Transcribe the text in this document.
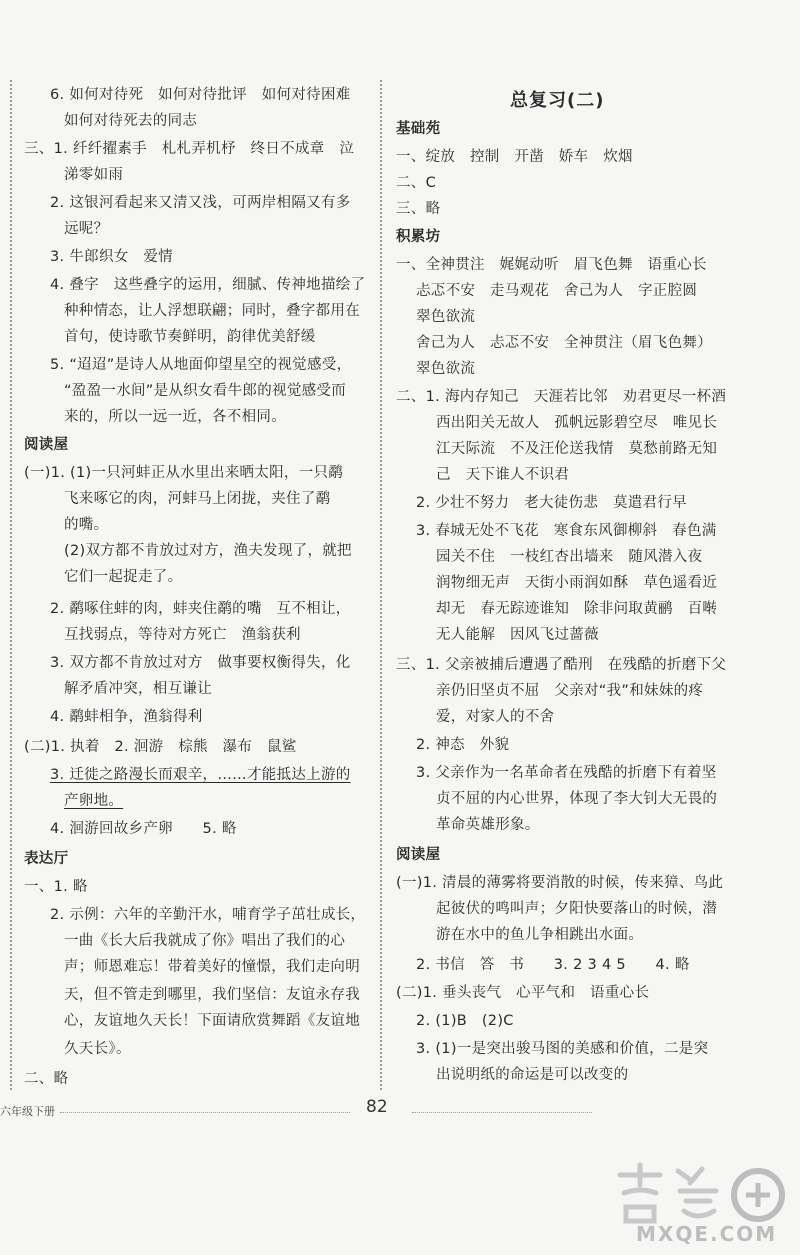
6. 如何对待死　如何对待批评　如何对待困难
如何对待死去的同志
三、1. 纤纤擢素手　札札弄机杼　终日不成章　泣
涕零如雨
2. 这银河看起来又清又浅，可两岸相隔又有多
远呢？
3. 牛郎织女　爱情
4. 叠字　这些叠字的运用，细腻、传神地描绘了
种种情态，让人浮想联翩；同时，叠字都用在
首句，使诗歌节奏鲜明，韵律优美舒缓
5. “迢迢”是诗人从地面仰望星空的视觉感受，
“盈盈一水间”是从织女看牛郎的视觉感受而
来的，所以一远一近，各不相同。
阅读屋
(一)1. (1)一只河蚌正从水里出来晒太阳，一只鹬
飞来啄它的肉，河蚌马上闭拢，夹住了鹬
的嘴。
(2)双方都不肯放过对方，渔夫发现了，就把
它们一起捉走了。
2. 鹬啄住蚌的肉，蚌夹住鹬的嘴　互不相让，
互找弱点，等待对方死亡　渔翁获利
3. 双方都不肯放过对方　做事要权衡得失，化
解矛盾冲突，相互谦让
4. 鹬蚌相争，渔翁得利
(二)1. 执着　2. 洄游　棕熊　瀑布　鼠鲨
3. 迁徙之路漫长而艰辛，……才能抵达上游的
产卵地。
4. 洄游回故乡产卵　　5. 略
表达厅
一、1. 略
2. 示例：六年的辛勤汗水，哺育学子茁壮成长，
一曲《长大后我就成了你》唱出了我们的心
声；师恩难忘！带着美好的憧憬，我们走向明
天，但不管走到哪里，我们坚信：友谊永存我
心，友谊地久天长！下面请欣赏舞蹈《友谊地
久天长》。
二、略
总复习(二)
基础苑
一、绽放　控制　开凿　娇车　炊烟
二、C
三、略
积累坊
一、全神贯注　娓娓动听　眉飞色舞　语重心长
忐忑不安　走马观花　舍己为人　字正腔圆
翠色欲流
舍己为人　忐忑不安　全神贯注（眉飞色舞）
翠色欲流
二、1. 海内存知己　天涯若比邻　劝君更尽一杯酒
西出阳关无故人　孤帆远影碧空尽　唯见长
江天际流　不及汪伦送我情　莫愁前路无知
己　天下谁人不识君
2. 少壮不努力　老大徒伤悲　莫遣君行早
3. 春城无处不飞花　寒食东风御柳斜　春色满
园关不住　一枝红杏出墙来　随风潜入夜
润物细无声　天街小雨润如酥　草色遥看近
却无　春无踪迹谁知　除非问取黄鹂　百啭
无人能解　因风飞过蔷薇
三、1. 父亲被捕后遭遇了酷刑　在残酷的折磨下父
亲仍旧坚贞不屈　父亲对“我”和妹妹的疼
爱，对家人的不舍
2. 神态　外貌
3. 父亲作为一名革命者在残酷的折磨下有着坚
贞不屈的内心世界，体现了李大钊大无畏的
革命英雄形象。
阅读屋
(一)1. 清晨的薄雾将要消散的时候，传来獐、鸟此
起彼伏的鸣叫声；夕阳快要落山的时候，潜
游在水中的鱼儿争相跳出水面。
2. 书信　答　书　　3. 2 3 4 5　　4. 略
(二)1. 垂头丧气　心平气和　语重心长
2. (1)B　(2)C
3. (1)一是突出骏马图的美感和价值，二是突
出说明纸的命运是可以改变的
六年级下册	82
MXQE.COM
